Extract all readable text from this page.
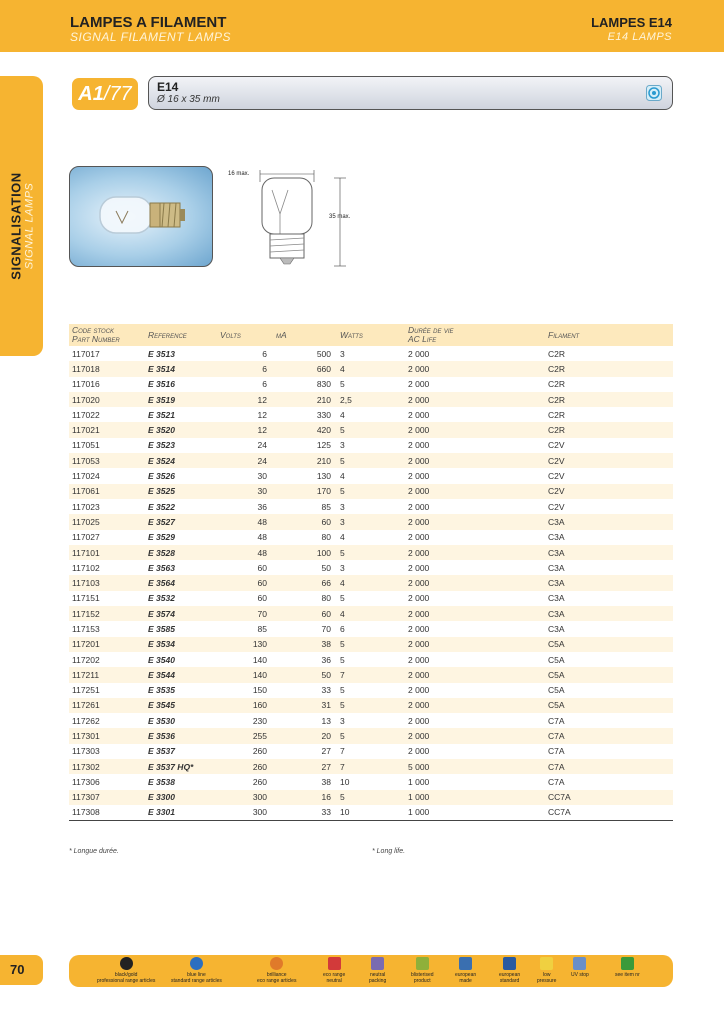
LAMPES A FILAMENT
SIGNAL FILAMENT LAMPS
LAMPES E14
E14 LAMPS
SIGNALISATION SIGNAL LAMPS
A1/77	E14
Ø 16 x 35 mm
16 max.
35 max.
Code stock
Part Number	Reference	Volts	mA	Watts	Durée de vie
AC Life	Filament
117017	E 3513	6	500	3	2 000	C2R
117018	E 3514	6	660	4	2 000	C2R
117016	E 3516	6	830	5	2 000	C2R
117020	E 3519	12	210	2,5	2 000	C2R
117022	E 3521	12	330	4	2 000	C2R
117021	E 3520	12	420	5	2 000	C2R
117051	E 3523	24	125	3	2 000	C2V
117053	E 3524	24	210	5	2 000	C2V
117024	E 3526	30	130	4	2 000	C2V
117061	E 3525	30	170	5	2 000	C2V
117023	E 3522	36	85	3	2 000	C2V
117025	E 3527	48	60	3	2 000	C3A
117027	E 3529	48	80	4	2 000	C3A
117101	E 3528	48	100	5	2 000	C3A
117102	E 3563	60	50	3	2 000	C3A
117103	E 3564	60	66	4	2 000	C3A
117151	E 3532	60	80	5	2 000	C3A
117152	E 3574	70	60	4	2 000	C3A
117153	E 3585	85	70	6	2 000	C3A
117201	E 3534	130	38	5	2 000	C5A
117202	E 3540	140	36	5	2 000	C5A
117211	E 3544	140	50	7	2 000	C5A
117251	E 3535	150	33	5	2 000	C5A
117261	E 3545	160	31	5	2 000	C5A
117262	E 3530	230	13	3	2 000	C7A
117301	E 3536	255	20	5	2 000	C7A
117303	E 3537	260	27	7	2 000	C7A
117302	E 3537 HQ*	260	27	7	5 000	C7A
117306	E 3538	260	38	10	1 000	C7A
117307	E 3300	300	16	5	1 000	CC7A
117308	E 3301	300	33	10	1 000	CC7A
* Longue durée.	* Long life.
70	black/gold
professional range articles
blue line
standard range articles
brilliance
eco range articles
eco range
neutral
neutral
packing
blisterised
product
european
made
european
standard
low
pressure
UV stop	see item nr
